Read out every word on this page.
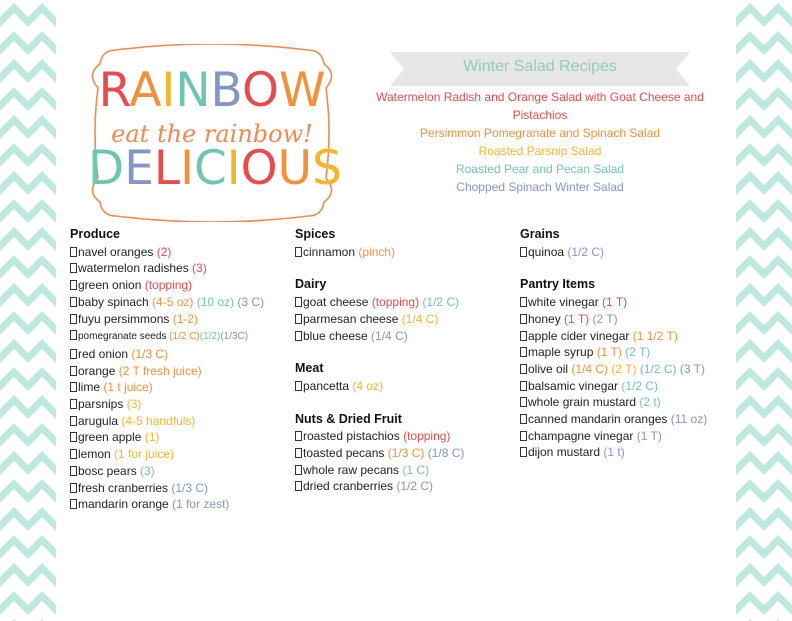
RAINBOW
eat the rainbow!
DELICIOUS
Winter Salad Recipes
Watermelon Radish and Orange Salad with Goat Cheese and Pistachios
Persimmon Pomegranate and Spinach Salad
Roasted Parsnip Salad
Roasted Pear and Pecan Salad
Chopped Spinach Winter Salad
Produce
navel oranges (2)
watermelon radishes (3)
green onion (topping)
baby spinach (4-5 oz) (10 oz) (3 C)
fuyu persimmons (1-2)
pomegranate seeds (1/2 C)(1/2)(1/3C)
red onion (1/3 C)
orange (2 T fresh juice)
lime (1 t juice)
parsnips (3)
arugula (4-5 handfuls)
green apple (1)
lemon (1 for juice)
bosc pears (3)
fresh cranberries (1/3 C)
mandarin orange (1 for zest)
Spices
cinnamon (pinch)
Dairy
goat cheese (topping) (1/2 C)
parmesan cheese (1/4 C)
blue cheese (1/4 C)
Meat
pancetta (4 oz)
Nuts & Dried Fruit
roasted pistachios (topping)
toasted pecans (1/3 C) (1/8 C)
whole raw pecans (1 C)
dried cranberries (1/2 C)
Grains
quinoa (1/2 C)
Pantry Items
white vinegar (1 T)
honey (1 T) (2 T)
apple cider vinegar (1 1/2 T)
maple syrup (1 T) (2 T)
olive oil (1/4 C) (2 T) (1/2 C) (3 T)
balsamic vinegar (1/2 C)
whole grain mustard (2 t)
canned mandarin oranges (11 oz)
champagne vinegar (1 T)
dijon mustard (1 t)
